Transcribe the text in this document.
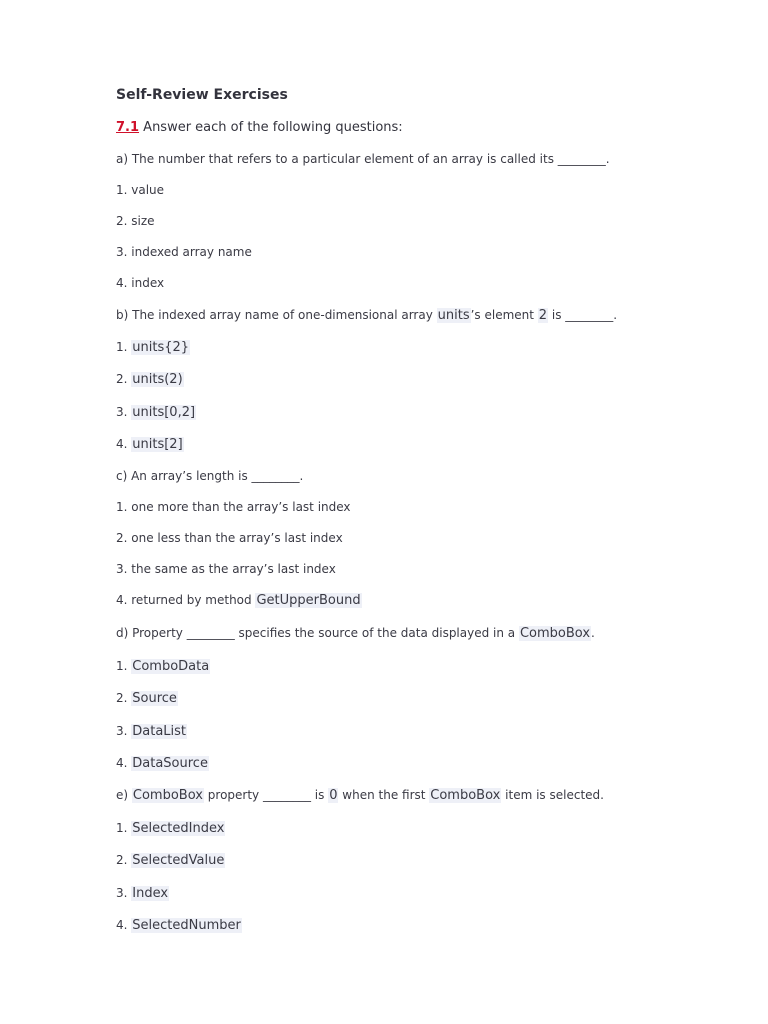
Self-Review Exercises
7.1 Answer each of the following questions:
a) The number that refers to a particular element of an array is called its ________.
1. value
2. size
3. indexed array name
4. index
b) The indexed array name of one-dimensional array units’s element 2 is ________.
1. units{2}
2. units(2)
3. units[0,2]
4. units[2]
c) An array’s length is ________.
1. one more than the array’s last index
2. one less than the array’s last index
3. the same as the array’s last index
4. returned by method GetUpperBound
d) Property ________ specifies the source of the data displayed in a ComboBox.
1. ComboData
2. Source
3. DataList
4. DataSource
e) ComboBox property ________ is 0 when the first ComboBox item is selected.
1. SelectedIndex
2. SelectedValue
3. Index
4. SelectedNumber
